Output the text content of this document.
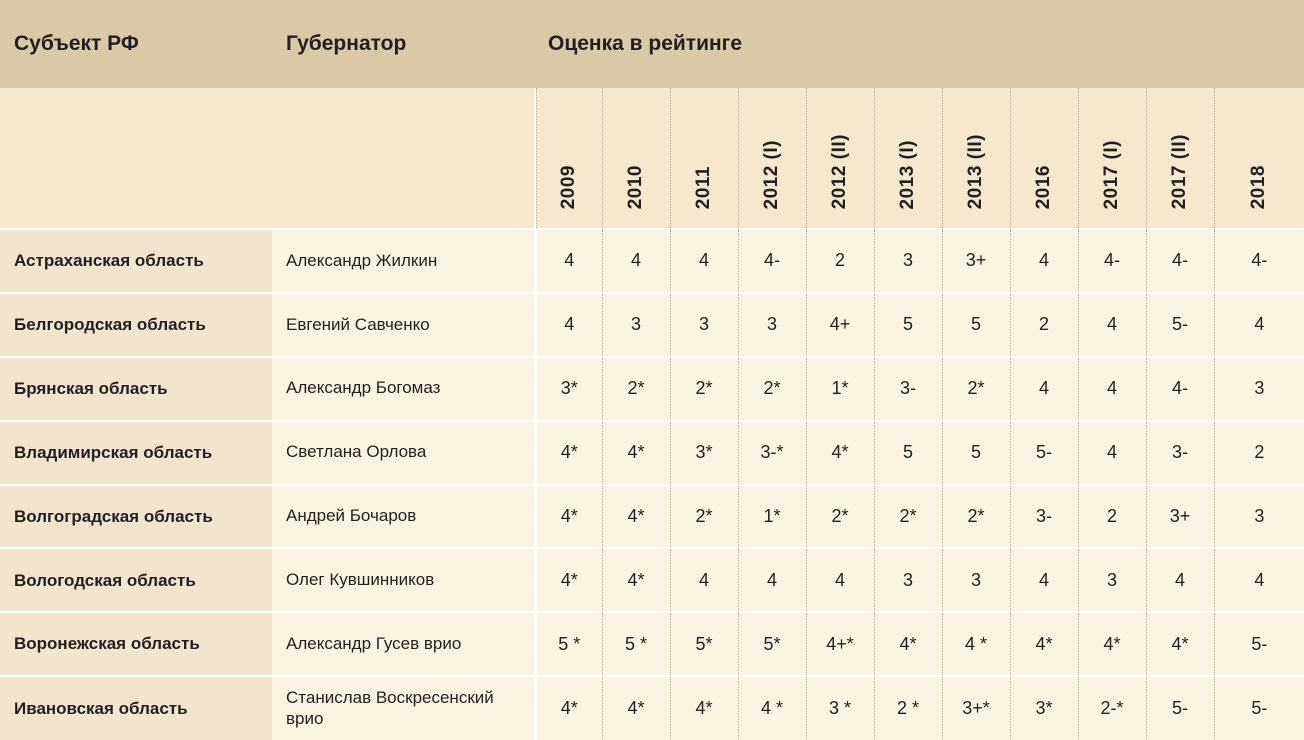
Субъект РФ	Губернатор	Оценка в рейтинге											
			2009	2010	2011	2012 (I)	2012 (II)	2013 (I)	2013 (II)	2016	2017 (I)	2017 (II)	2018
Астраханская область	Александр Жилкин		4	4	4	4-	2	3	3+	4	4-	4-	4-
Белгородская область	Евгений Савченко		4	3	3	3	4+	5	5	2	4	5-	4
Брянская область	Александр Богомаз		3*	2*	2*	2*	1*	3-	2*	4	4	4-	3
Владимирская область	Светлана Орлова		4*	4*	3*	3-*	4*	5	5	5-	4	3-	2
Волгоградская область	Андрей Бочаров		4*	4*	2*	1*	2*	2*	2*	3-	2	3+	3
Вологодская область	Олег Кувшинников		4*	4*	4	4	4	3	3	4	3	4	4
Воронежская область	Александр Гусев врио		5 *	5 *	5*	5*	4+*	4*	4 *	4*	4*	4*	5-
Ивановская область	Станислав Воскресенский врио		4*	4*	4*	4 *	3 *	2 *	3+*	3*	2-*	5-	5-
